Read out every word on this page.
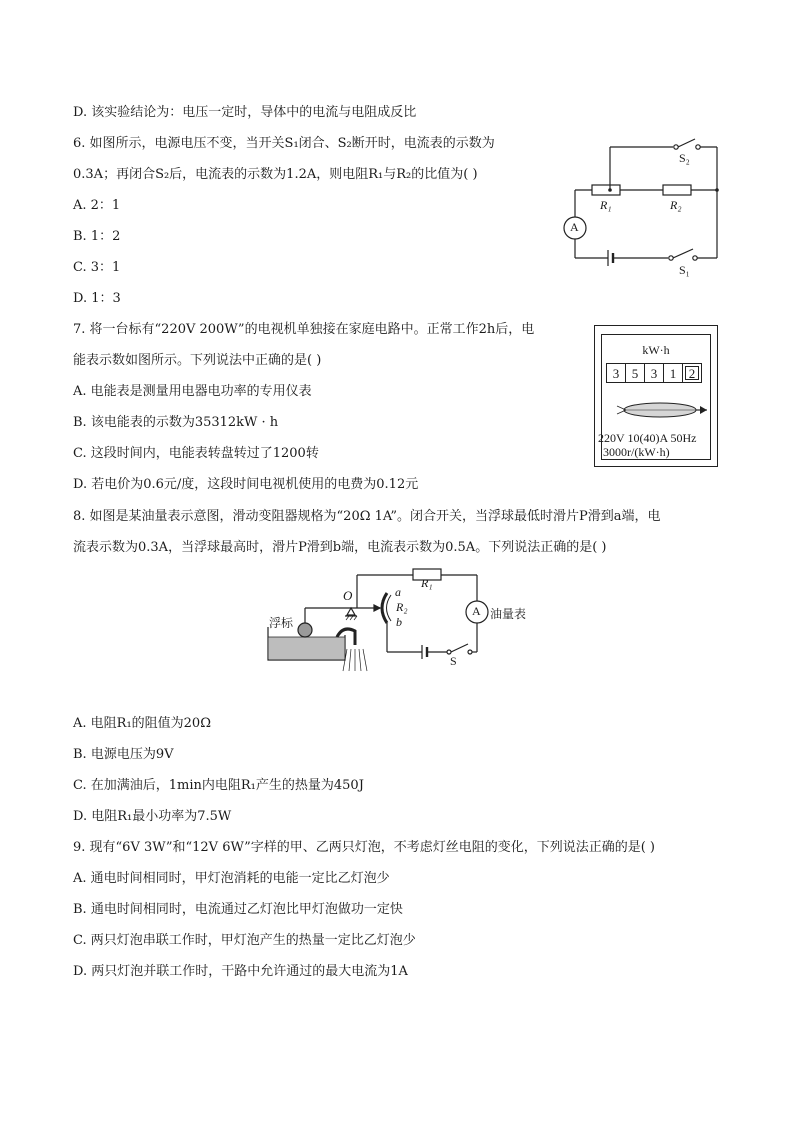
D. 该实验结论为：电压一定时，导体中的电流与电阻成反比
6. 如图所示，电源电压不变，当开关S₁闭合、S₂断开时，电流表的示数为
0.3A；再闭合S₂后，电流表的示数为1.2A，则电阻R₁与R₂的比值为( )
A. 2：1
B. 1：2
C. 3：1
D. 1：3
S₂
R₁	R₂
A
S₁
7. 将一台标有“220V 200W”的电视机单独接在家庭电路中。正常工作2h后，电
能表示数如图所示。下列说法中正确的是( )
A. 电能表是测量用电器电功率的专用仪表
B. 该电能表的示数为35312kW · h
C. 这段时间内，电能表转盘转过了1200转
D. 若电价为0.6元/度，这段时间电视机使用的电费为0.12元
kW·h
3 5 3 1 2
220V 10(40)A 50Hz
3000r/(kW·h)
8. 如图是某油量表示意图，滑动变阻器规格为“20Ω 1A”。闭合开关，当浮球最低时滑片P滑到a端，电
流表示数为0.3A，当浮球最高时，滑片P滑到b端，电流表示数为0.5A。下列说法正确的是( )
浮标
O	a
R₂
b
R₁
A 油量表
S
A. 电阻R₁的阻值为20Ω
B. 电源电压为9V
C. 在加满油后，1min内电阻R₁产生的热量为450J
D. 电阻R₁最小功率为7.5W
9. 现有“6V 3W”和“12V 6W”字样的甲、乙两只灯泡，不考虑灯丝电阻的变化，下列说法正确的是( )
A. 通电时间相同时，甲灯泡消耗的电能一定比乙灯泡少
B. 通电时间相同时，电流通过乙灯泡比甲灯泡做功一定快
C. 两只灯泡串联工作时，甲灯泡产生的热量一定比乙灯泡少
D. 两只灯泡并联工作时，干路中允许通过的最大电流为1A
